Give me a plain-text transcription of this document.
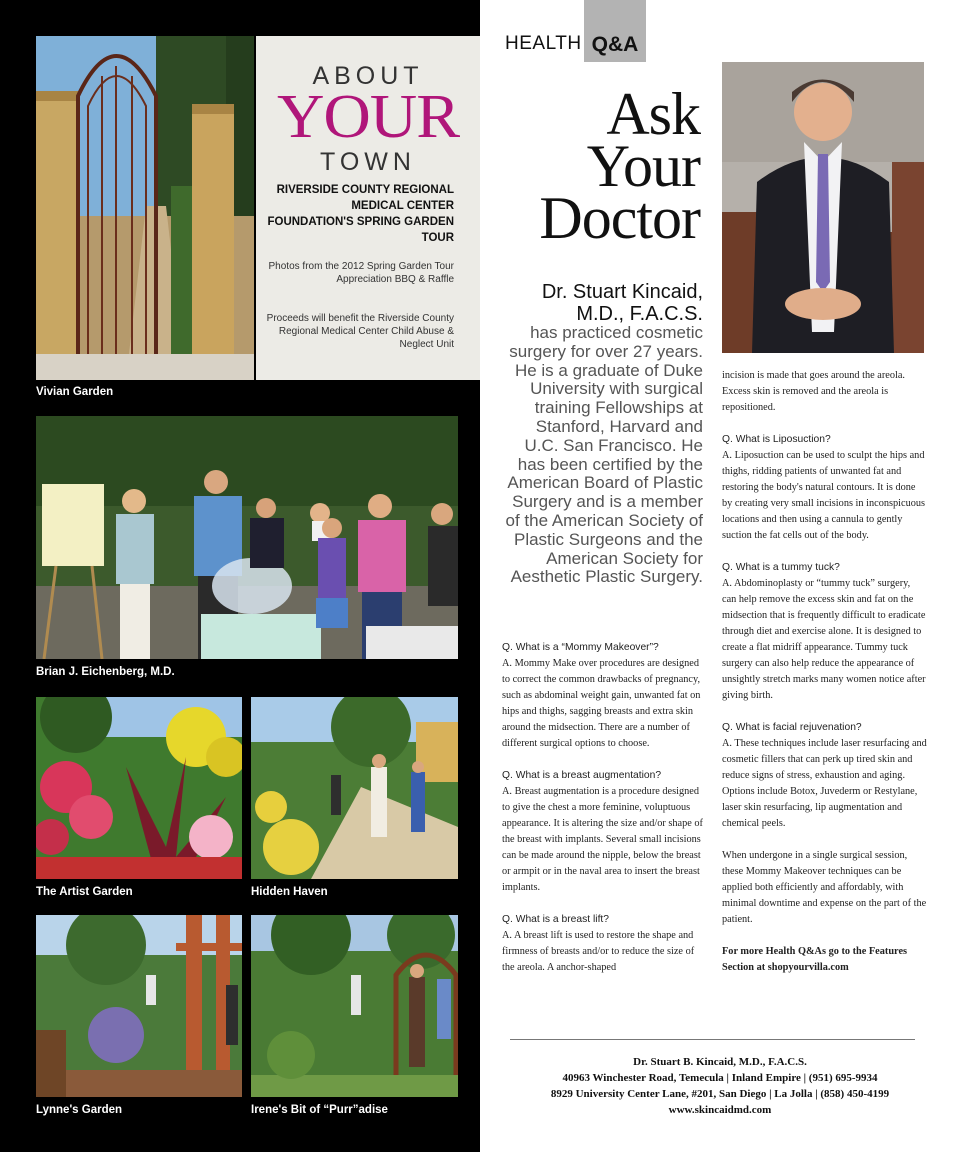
ABOUT
YOUR
TOWN
RIVERSIDE COUNTY REGIONAL MEDICAL CENTER FOUNDATION'S SPRING GARDEN TOUR
Photos from the 2012 Spring Garden Tour Appreciation BBQ & Raffle
Proceeds will benefit the Riverside County Regional Medical Center Child Abuse & Neglect Unit
Vivian Garden
Brian J. Eichenberg, M.D.
The Artist Garden	Hidden Haven
Lynne's Garden	Irene's Bit of “Purr”adise
HEALTH Q&A
Ask Your Doctor
Dr. Stuart Kincaid, M.D., F.A.C.S.
has practiced cosmetic surgery for over 27 years. He is a graduate of Duke University with surgical training Fellowships at Stanford, Harvard and U.C. San Francisco. He has been certified by the American Board of Plastic Surgery and is a member of the American Society of Plastic Surgeons and the American Society for Aesthetic Plastic Surgery.
Q. What is a “Mommy Makeover”?
A. Mommy Make over procedures are designed to correct the common drawbacks of pregnancy, such as abdominal weight gain, unwanted fat on hips and thighs, sagging breasts and extra skin around the midsection. There are a number of different surgical options to choose.
Q. What is a breast augmentation?
A. Breast augmentation is a procedure designed to give the chest a more feminine, voluptuous appearance. It is altering the size and/or shape of the breast with implants. Several small incisions can be made around the nipple, below the breast or armpit or in the naval area to insert the breast implants.
Q. What is a breast lift?
A. A breast lift is used to restore the shape and firmness of breasts and/or to reduce the size of the areola. A anchor-shaped
incision is made that goes around the areola. Excess skin is removed and the areola is repositioned.
Q. What is Liposuction?
A. Liposuction can be used to sculpt the hips and thighs, ridding patients of unwanted fat and restoring the body's natural contours. It is done by creating very small incisions in inconspicuous locations and then using a cannula to gently suction the fat cells out of the body.
Q. What is a tummy tuck?
A. Abdominoplasty or “tummy tuck” surgery, can help remove the excess skin and fat on the midsection that is frequently difficult to eradicate through diet and exercise alone. It is designed to create a flat midriff appearance. Tummy tuck surgery can also help reduce the appearance of unsightly stretch marks many women notice after giving birth.
Q. What is facial rejuvenation?
A. These techniques include laser resurfacing and cosmetic fillers that can perk up tired skin and reduce signs of stress, exhaustion and aging. Options include Botox, Juvederm or Restylane, laser skin resurfacing, lip augmentation and chemical peels.
When undergone in a single surgical session, these Mommy Makeover techniques can be applied both efficiently and affordably, with minimal downtime and expense on the part of the patient.
For more Health Q&As go to the Features Section at shopyourvilla.com
Dr. Stuart B. Kincaid, M.D., F.A.C.S.
40963 Winchester Road, Temecula | Inland Empire | (951) 695-9934
8929 University Center Lane, #201, San Diego | La Jolla | (858) 450-4199
www.skincaidmd.com
